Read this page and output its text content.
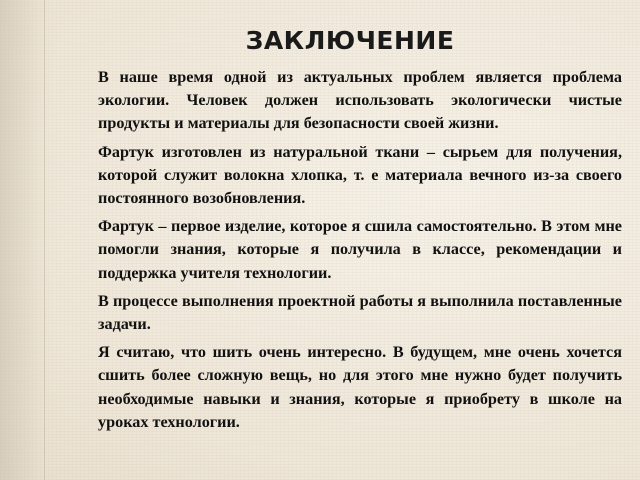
ЗАКЛЮЧЕНИЕ

В наше время одной из актуальных проблем является проблема экологии. Человек должен использовать экологически чистые продукты и материалы для безопасности своей жизни.

Фартук изготовлен из натуральной ткани – сырьем для получения, которой служит волокна хлопка, т. е материала вечного из-за своего постоянного возобновления.

Фартук – первое изделие, которое я сшила самостоятельно. В этом мне помогли знания, которые я получила в классе, рекомендации и поддержка учителя технологии.

В процессе выполнения проектной работы я выполнила поставленные задачи.

Я считаю, что шить очень интересно. В будущем, мне очень хочется сшить более сложную вещь, но для этого мне нужно будет получить необходимые навыки и знания, которые я приобрету в школе на уроках технологии.
